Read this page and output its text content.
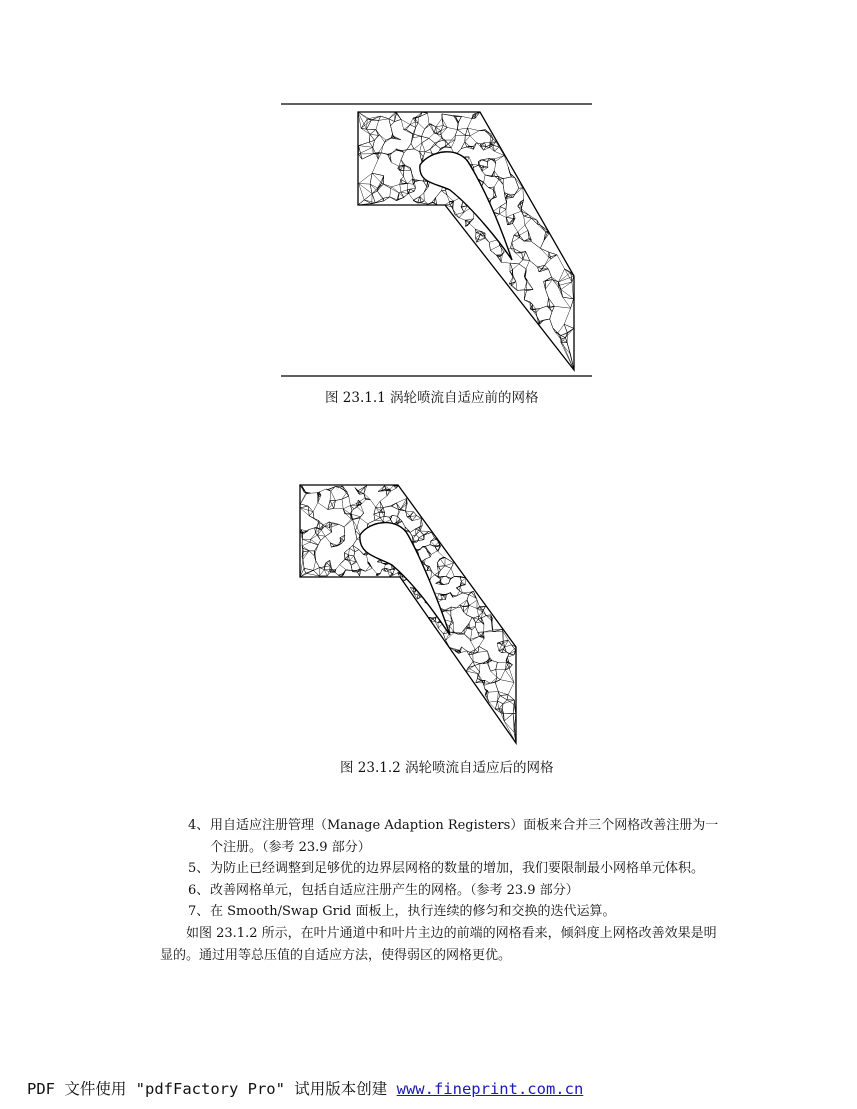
图 23.1.1 涡轮喷流自适应前的网格
图 23.1.2 涡轮喷流自适应后的网格

4、用自适应注册管理（Manage Adaption Registers）面板来合并三个网格改善注册为一个注册。（参考 23.9 部分）

5、为防止已经调整到足够优的边界层网格的数量的增加，我们要限制最小网格单元体积。

6、改善网格单元，包括自适应注册产生的网格。（参考 23.9 部分）

7、在 Smooth/Swap Grid 面板上，执行连续的修匀和交换的迭代运算。

如图 23.1.2 所示，在叶片通道中和叶片主边的前端的网格看来，倾斜度上网格改善效果是明显的。通过用等总压值的自适应方法，使得弱区的网格更优。

PDF 文件使用 "pdfFactory Pro" 试用版本创建 www.fineprint.com.cn
